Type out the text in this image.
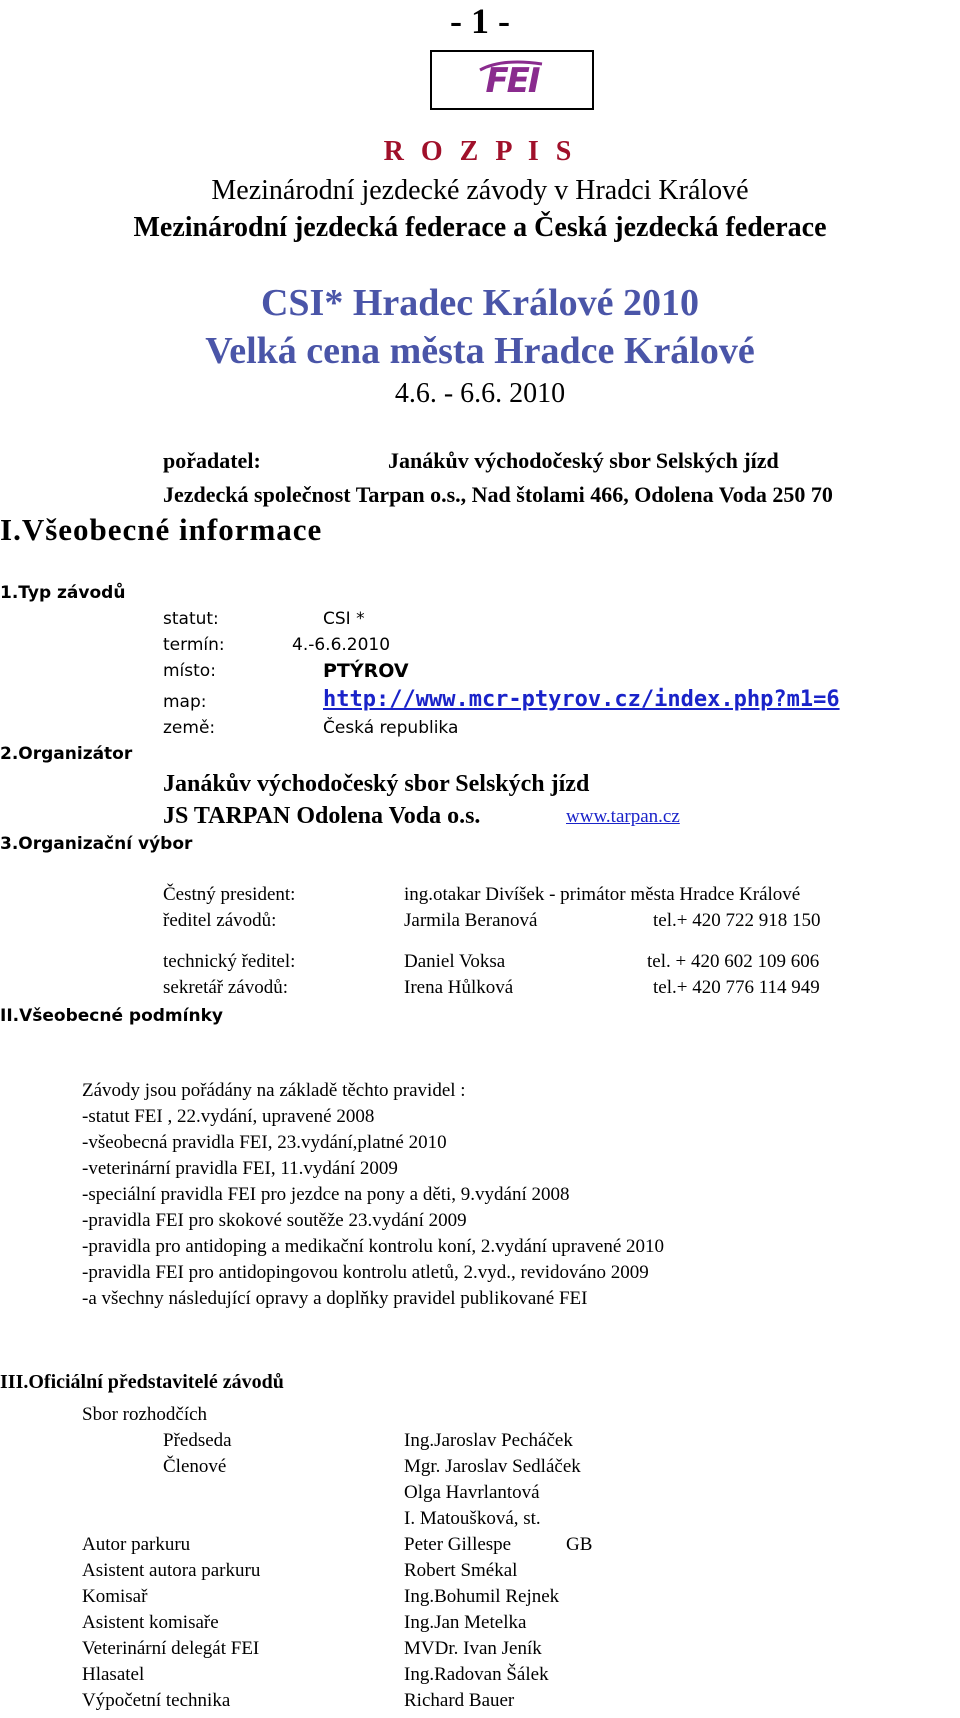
- 1 -
FEI
R O Z P I S
Mezinárodní jezdecké závody v Hradci Králové
Mezinárodní jezdecká federace a Česká jezdecká federace
CSI* Hradec Králové 2010
Velká cena města Hradce Králové
4.6. - 6.6. 2010
pořadatel:	Janákův východočeský sbor Selských jízd
Jezdecká společnost Tarpan o.s., Nad štolami 466, Odolena Voda 250 70
I.Všeobecné informace
1.Typ závodů
statut:	CSI *
termín:	4.-6.6.2010
místo:	PTÝROV
map:	http://www.mcr-ptyrov.cz/index.php?m1=6
země:	Česká republika
2.Organizátor
Janákův východočeský sbor Selských jízd
JS TARPAN Odolena Voda o.s.	www.tarpan.cz
3.Organizační výbor
Čestný president:	ing.otakar Divíšek - primátor města Hradce Králové
ředitel závodů:	Jarmila Beranová	tel.+ 420 722 918 150
technický ředitel:	Daniel Voksa	tel. + 420 602 109 606
sekretář závodů:	Irena Hůlková	tel.+ 420 776 114 949
II.Všeobecné podmínky
Závody jsou pořádány na základě těchto pravidel :
-statut FEI , 22.vydání, upravené 2008
-všeobecná pravidla FEI, 23.vydání,platné 2010
-veterinární pravidla FEI, 11.vydání 2009
-speciální pravidla FEI pro jezdce na pony a děti, 9.vydání 2008
-pravidla FEI pro skokové soutěže 23.vydání 2009
-pravidla pro antidoping a medikační kontrolu koní, 2.vydání upravené 2010
-pravidla FEI pro antidopingovou kontrolu atletů, 2.vyd., revidováno 2009
-a všechny následující opravy a doplňky pravidel publikované FEI
III.Oficiální představitelé závodů
Sbor rozhodčích
Předseda	Ing.Jaroslav Pecháček
Členové	Mgr. Jaroslav Sedláček
Olga Havrlantová
I. Matoušková, st.
Autor parkuru	Peter Gillespe	GB
Asistent autora parkuru	Robert Smékal
Komisař	Ing.Bohumil Rejnek
Asistent komisaře	Ing.Jan Metelka
Veterinární delegát FEI	MVDr. Ivan Jeník
Hlasatel	Ing.Radovan Šálek
Výpočetní technika	Richard Bauer
